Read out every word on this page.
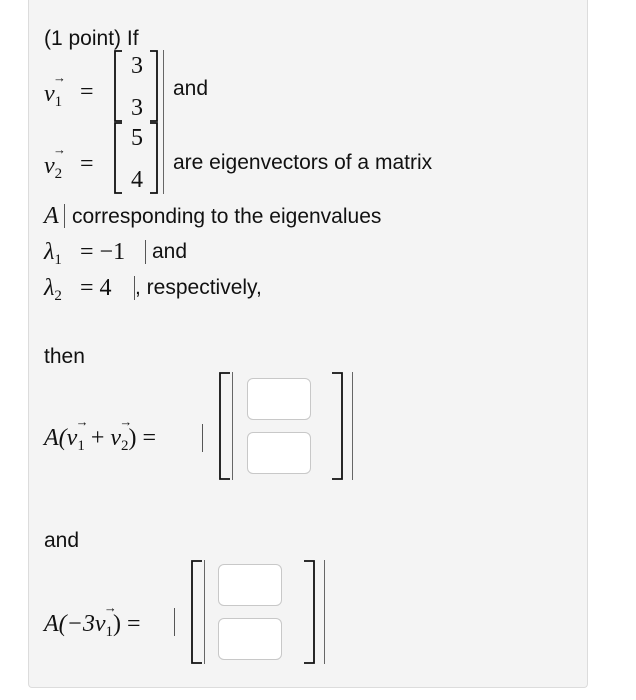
(1 point) If
→ $v_1$ =
3
3
and
→ $v_2$ =
5
4
are eigenvectors of a matrix
A corresponding to the eigenvalues
$\lambda_1 = -1$ and
$\lambda_2 = 4$ , respectively,
then
$A(\to v_1$ + → $v_2$) =
and
$A(-3\to v_1)$ =
